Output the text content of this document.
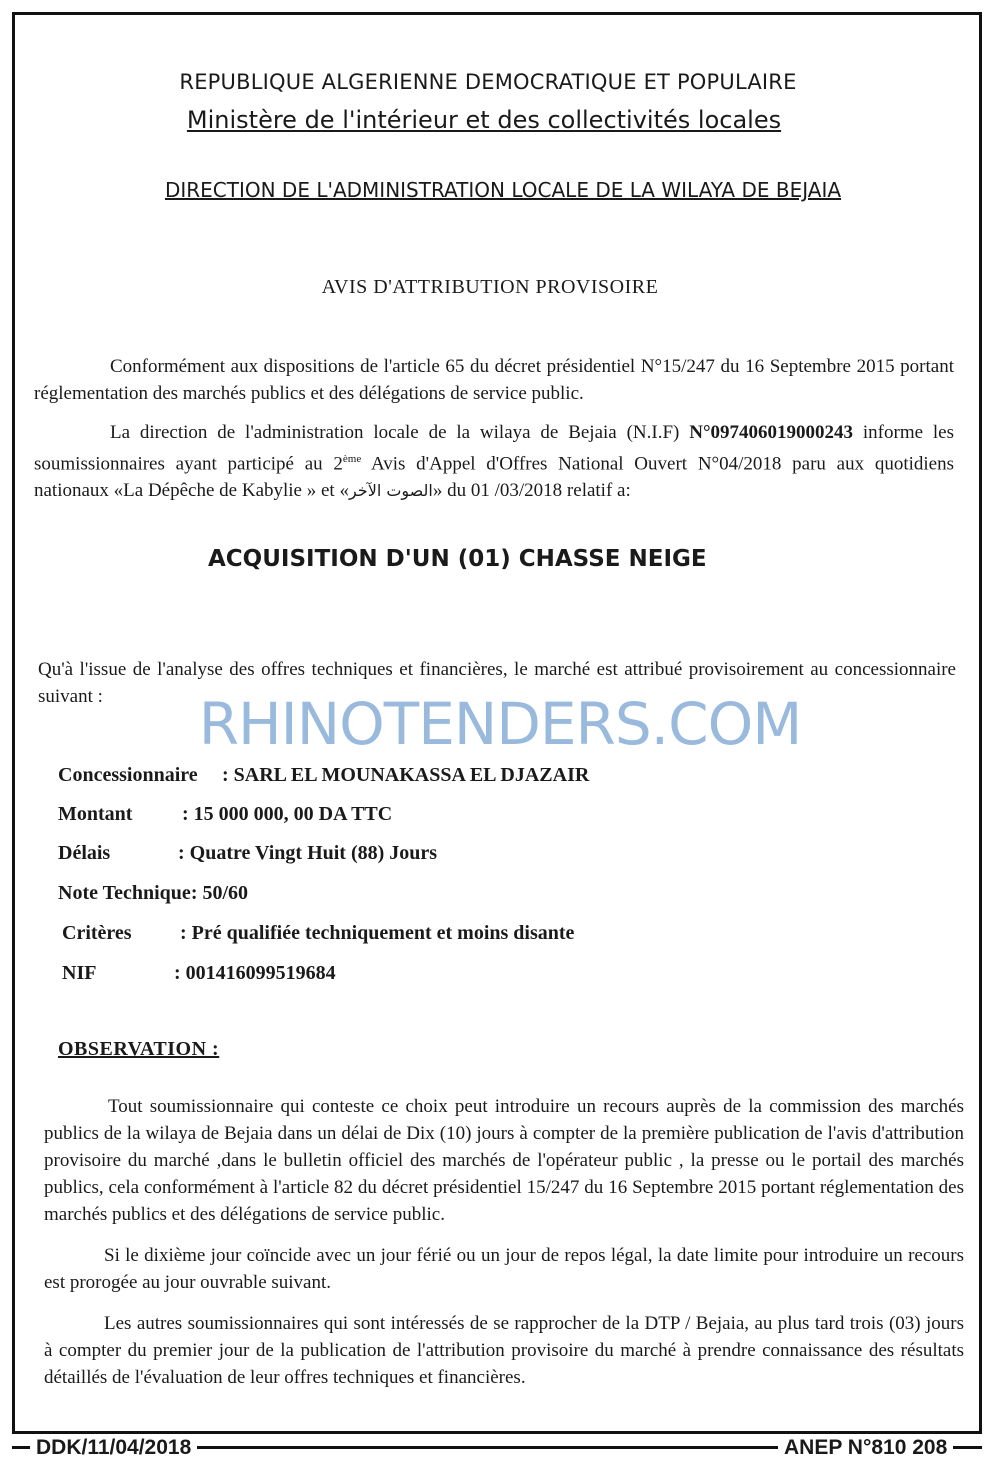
REPUBLIQUE ALGERIENNE DEMOCRATIQUE ET POPULAIRE
Ministère de l'intérieur et des collectivités locales
DIRECTION DE L'ADMINISTRATION LOCALE DE LA WILAYA DE BEJAIA
AVIS D'ATTRIBUTION PROVISOIRE
Conformément aux dispositions de l'article 65 du décret présidentiel N°15/247 du 16 Septembre 2015 portant réglementation des marchés publics et des délégations de service public.
La direction de l'administration locale de la wilaya de Bejaia (N.I.F) N°097406019000243 informe les soumissionnaires ayant participé au 2ème Avis d'Appel d'Offres National Ouvert N°04/2018 paru aux quotidiens nationaux «La Dépêche de Kabylie » et «الصوت الآخر» du 01 /03/2018 relatif a:
ACQUISITION D'UN (01) CHASSE NEIGE
Qu'à l'issue de l'analyse des offres techniques et financières, le marché est attribué provisoirement au concessionnaire suivant :	RHINOTENDERS.COM
Concessionnaire : SARL EL MOUNAKASSA EL DJAZAIR
Montant : 15 000 000, 00 DA TTC
Délais	: Quatre Vingt Huit (88) Jours
Note Technique: 50/60
Critères : Pré qualifiée techniquement et moins disante
NIF	: 001416099519684
OBSERVATION :
Tout soumissionnaire qui conteste ce choix peut introduire un recours auprès de la commission des marchés publics de la wilaya de Bejaia dans un délai de Dix (10) jours à compter de la première publication de l'avis d'attribution provisoire du marché ,dans le bulletin officiel des marchés de l'opérateur public , la presse ou le portail des marchés publics, cela conformément à l'article 82 du décret présidentiel 15/247 du 16 Septembre 2015 portant réglementation des marchés publics et des délégations de service public.
Si le dixième jour coïncide avec un jour férié ou un jour de repos légal, la date limite pour introduire un recours est prorogée au jour ouvrable suivant.
Les autres soumissionnaires qui sont intéressés de se rapprocher de la DTP / Bejaia, au plus tard trois (03) jours à compter du premier jour de la publication de l'attribution provisoire du marché à prendre connaissance des résultats détaillés de l'évaluation de leur offres techniques et financières.
DDK/11/04/2018	ANEP N°810 208
